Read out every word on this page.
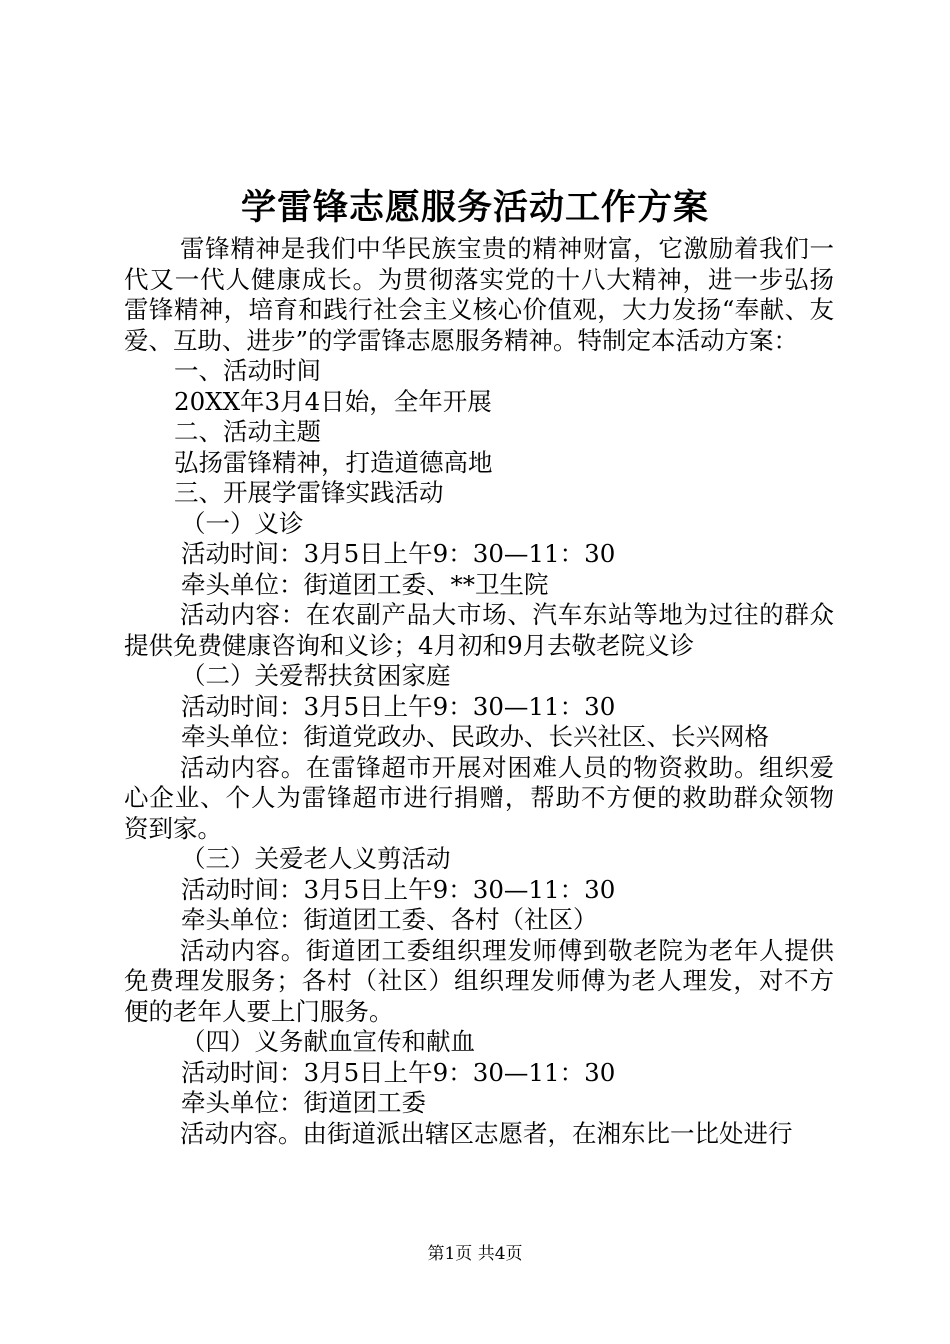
学雷锋志愿服务活动工作方案

雷锋精神是我们中华民族宝贵的精神财富，它激励着我们一代又一代人健康成长。为贯彻落实党的十八大精神，进一步弘扬雷锋精神，培育和践行社会主义核心价值观，大力发扬“奉献、友爱、互助、进步”的学雷锋志愿服务精神。特制定本活动方案：

一、活动时间

20XX年3月4日始，全年开展

二、活动主题

弘扬雷锋精神，打造道德高地

三、开展学雷锋实践活动

（一）义诊

活动时间：3月5日上午9：30—11：30

牵头单位：街道团工委、**卫生院

活动内容：在农副产品大市场、汽车东站等地为过往的群众提供免费健康咨询和义诊；4月初和9月去敬老院义诊

（二）关爱帮扶贫困家庭

活动时间：3月5日上午9：30—11：30

牵头单位：街道党政办、民政办、长兴社区、长兴网格

活动内容。在雷锋超市开展对困难人员的物资救助。组织爱心企业、个人为雷锋超市进行捐赠，帮助不方便的救助群众领物资到家。

（三）关爱老人义剪活动

活动时间：3月5日上午9：30—11：30

牵头单位：街道团工委、各村（社区）

活动内容。街道团工委组织理发师傅到敬老院为老年人提供免费理发服务；各村（社区）组织理发师傅为老人理发，对不方便的老年人要上门服务。

（四）义务献血宣传和献血

活动时间：3月5日上午9：30—11：30

牵头单位：街道团工委

活动内容。由街道派出辖区志愿者，在湘东比一比处进行

第1页 共4页
